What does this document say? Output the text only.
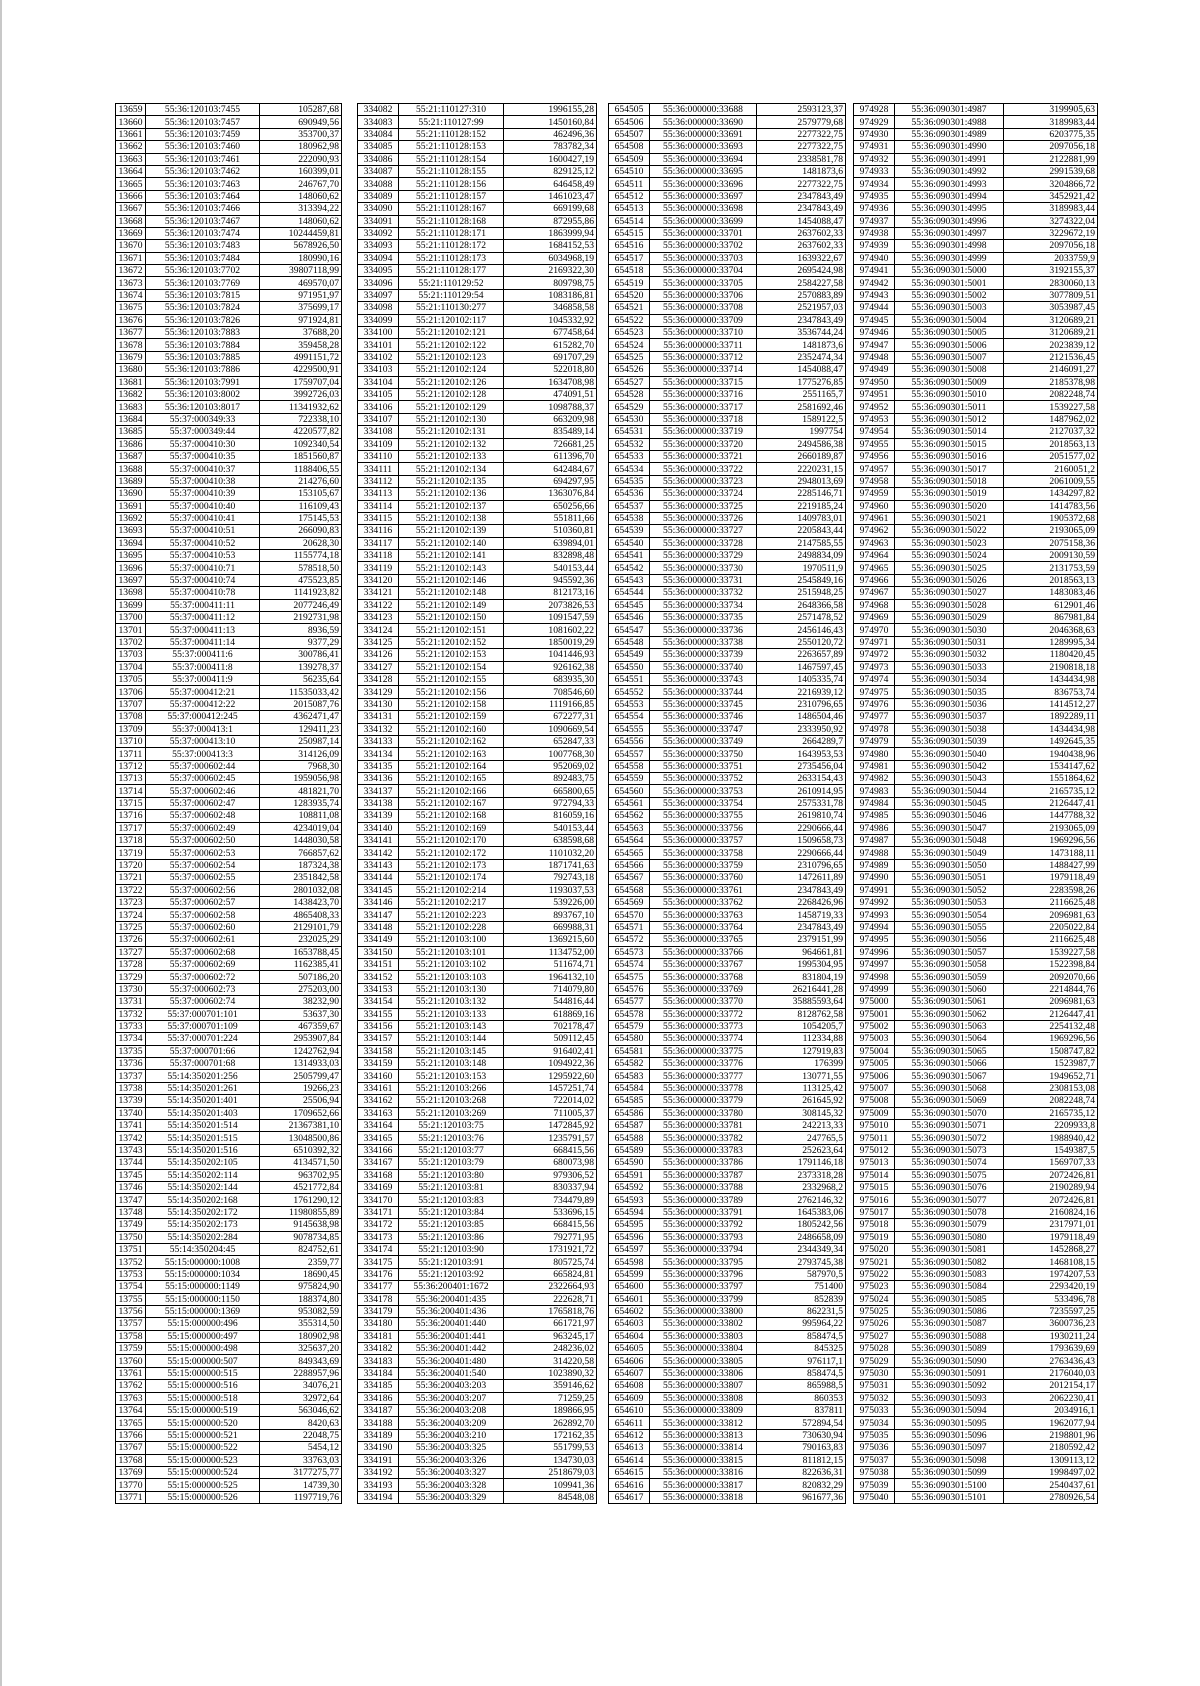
13659	55:36:120103:7455	105287,68
13660	55:36:120103:7457	690949,56
13661	55:36:120103:7459	353700,37
13662	55:36:120103:7460	180962,98
13663	55:36:120103:7461	222090,93
13664	55:36:120103:7462	160399,01
13665	55:36:120103:7463	246767,70
13666	55:36:120103:7464	148060,62
13667	55:36:120103:7466	313394,22
13668	55:36:120103:7467	148060,62
13669	55:36:120103:7474	10244459,81
13670	55:36:120103:7483	5678926,50
13671	55:36:120103:7484	180990,16
13672	55:36:120103:7702	39807118,99
13673	55:36:120103:7769	469570,07
13674	55:36:120103:7815	971951,97
13675	55:36:120103:7824	375699,17
13676	55:36:120103:7826	971924,81
13677	55:36:120103:7883	37688,20
13678	55:36:120103:7884	359458,28
13679	55:36:120103:7885	4991151,72
13680	55:36:120103:7886	4229500,91
13681	55:36:120103:7991	1759707,04
13682	55:36:120103:8002	3992726,03
13683	55:36:120103:8017	11341932,62
13684	55:37:000349:33	722338,10
13685	55:37:000349:44	4220577,82
13686	55:37:000410:30	1092340,54
13687	55:37:000410:35	1851560,87
13688	55:37:000410:37	1188406,55
13689	55:37:000410:38	214276,60
13690	55:37:000410:39	153105,67
13691	55:37:000410:40	116109,43
13692	55:37:000410:41	175145,53
13693	55:37:000410:51	266090,83
13694	55:37:000410:52	20628,30
13695	55:37:000410:53	1155774,18
13696	55:37:000410:71	578518,50
13697	55:37:000410:74	475523,85
13698	55:37:000410:78	1141923,82
13699	55:37:000411:11	2077246,49
13700	55:37:000411:12	2192731,98
13701	55:37:000411:13	8936,59
13702	55:37:000411:14	9377,29
13703	55:37:000411:6	300786,41
13704	55:37:000411:8	139278,37
13705	55:37:000411:9	56235,64
13706	55:37:000412:21	11535033,42
13707	55:37:000412:22	2015087,76
13708	55:37:000412:245	4362471,47
13709	55:37:000413:1	129411,23
13710	55:37:000413:10	250987,14
13711	55:37:000413:3	314126,09
13712	55:37:000602:44	7968,30
13713	55:37:000602:45	1959056,98
13714	55:37:000602:46	481821,70
13715	55:37:000602:47	1283935,74
13716	55:37:000602:48	108811,08
13717	55:37:000602:49	4234019,04
13718	55:37:000602:50	1448030,58
13719	55:37:000602:53	766857,62
13720	55:37:000602:54	187324,38
13721	55:37:000602:55	2351842,58
13722	55:37:000602:56	2801032,08
13723	55:37:000602:57	1438423,70
13724	55:37:000602:58	4865408,33
13725	55:37:000602:60	2129101,79
13726	55:37:000602:61	232025,29
13727	55:37:000602:68	1653788,45
13728	55:37:000602:69	1162385,41
13729	55:37:000602:72	507186,20
13730	55:37:000602:73	275203,00
13731	55:37:000602:74	38232,90
13732	55:37:000701:101	53637,30
13733	55:37:000701:109	467359,67
13734	55:37:000701:224	2953907,84
13735	55:37:000701:66	1242762,94
13736	55:37:000701:68	1314933,03
13737	55:14:350201:256	2505799,47
13738	55:14:350201:261	19266,23
13739	55:14:350201:401	25506,94
13740	55:14:350201:403	1709652,66
13741	55:14:350201:514	21367381,10
13742	55:14:350201:515	13048500,86
13743	55:14:350201:516	6510392,32
13744	55:14:350202:105	4134571,50
13745	55:14:350202:114	963702,95
13746	55:14:350202:144	4521772,84
13747	55:14:350202:168	1761290,12
13748	55:14:350202:172	11980855,89
13749	55:14:350202:173	9145638,98
13750	55:14:350202:284	9078734,85
13751	55:14:350204:45	824752,61
13752	55:15:000000:1008	2359,77
13753	55:15:000000:1034	18690,45
13754	55:15:000000:1149	975824,90
13755	55:15:000000:1150	188374,80
13756	55:15:000000:1369	953082,59
13757	55:15:000000:496	355314,50
13758	55:15:000000:497	180902,98
13759	55:15:000000:498	325637,20
13760	55:15:000000:507	849343,69
13761	55:15:000000:515	2288957,96
13762	55:15:000000:516	34076,21
13763	55:15:000000:518	32972,64
13764	55:15:000000:519	563046,62
13765	55:15:000000:520	8420,63
13766	55:15:000000:521	22048,75
13767	55:15:000000:522	5454,12
13768	55:15:000000:523	33763,03
13769	55:15:000000:524	3177275,77
13770	55:15:000000:525	14739,30
13771	55:15:000000:526	1197719,76
334082	55:21:110127:310	1996155,28
334083	55:21:110127:99	1450160,84
334084	55:21:110128:152	462496,36
334085	55:21:110128:153	783782,34
334086	55:21:110128:154	1600427,19
334087	55:21:110128:155	829125,12
334088	55:21:110128:156	646458,49
334089	55:21:110128:157	1461023,47
334090	55:21:110128:167	669199,68
334091	55:21:110128:168	872955,86
334092	55:21:110128:171	1863999,94
334093	55:21:110128:172	1684152,53
334094	55:21:110128:173	6034968,19
334095	55:21:110128:177	2169322,30
334096	55:21:110129:52	809798,75
334097	55:21:110129:54	1083186,81
334098	55:21:110130:277	346858,58
334099	55:21:120102:117	1045332,92
334100	55:21:120102:121	677458,64
334101	55:21:120102:122	615282,70
334102	55:21:120102:123	691707,29
334103	55:21:120102:124	522018,80
334104	55:21:120102:126	1634708,98
334105	55:21:120102:128	474091,51
334106	55:21:120102:129	1098788,37
334107	55:21:120102:130	663209,98
334108	55:21:120102:131	835489,14
334109	55:21:120102:132	726681,25
334110	55:21:120102:133	611396,70
334111	55:21:120102:134	642484,67
334112	55:21:120102:135	694297,95
334113	55:21:120102:136	1363076,84
334114	55:21:120102:137	650256,66
334115	55:21:120102:138	551811,66
334116	55:21:120102:139	510360,81
334117	55:21:120102:140	639894,01
334118	55:21:120102:141	832898,48
334119	55:21:120102:143	540153,44
334120	55:21:120102:146	945592,36
334121	55:21:120102:148	812173,16
334122	55:21:120102:149	2073826,53
334123	55:21:120102:150	1091547,59
334124	55:21:120102:151	1081602,22
334125	55:21:120102:152	1850019,29
334126	55:21:120102:153	1041446,93
334127	55:21:120102:154	926162,38
334128	55:21:120102:155	683935,30
334129	55:21:120102:156	708546,60
334130	55:21:120102:158	1119166,85
334131	55:21:120102:159	672277,31
334132	55:21:120102:160	1090669,54
334133	55:21:120102:162	652847,33
334134	55:21:120102:163	1007768,30
334135	55:21:120102:164	952069,02
334136	55:21:120102:165	892483,75
334137	55:21:120102:166	665800,65
334138	55:21:120102:167	972794,33
334139	55:21:120102:168	816059,16
334140	55:21:120102:169	540153,44
334141	55:21:120102:170	638598,68
334142	55:21:120102:172	1101032,20
334143	55:21:120102:173	1871741,63
334144	55:21:120102:174	792743,18
334145	55:21:120102:214	1193037,53
334146	55:21:120102:217	539226,00
334147	55:21:120102:223	893767,10
334148	55:21:120102:228	669988,31
334149	55:21:120103:100	1369215,60
334150	55:21:120103:101	1134752,00
334151	55:21:120103:102	511674,71
334152	55:21:120103:103	1964132,10
334153	55:21:120103:130	714079,80
334154	55:21:120103:132	544816,44
334155	55:21:120103:133	618869,16
334156	55:21:120103:143	702178,47
334157	55:21:120103:144	509112,45
334158	55:21:120103:145	916402,41
334159	55:21:120103:148	1094922,36
334160	55:21:120103:153	1295922,60
334161	55:21:120103:266	1457251,74
334162	55:21:120103:268	722014,02
334163	55:21:120103:269	711005,37
334164	55:21:120103:75	1472845,92
334165	55:21:120103:76	1235791,57
334166	55:21:120103:77	668415,56
334167	55:21:120103:79	680073,98
334168	55:21:120103:80	979306,52
334169	55:21:120103:81	830337,94
334170	55:21:120103:83	734479,89
334171	55:21:120103:84	533696,15
334172	55:21:120103:85	668415,56
334173	55:21:120103:86	792771,95
334174	55:21:120103:90	1731921,72
334175	55:21:120103:91	805725,74
334176	55:21:120103:92	665824,81
334177	55:36:200401:1672	2322664,93
334178	55:36:200401:435	222628,71
334179	55:36:200401:436	1765818,76
334180	55:36:200401:440	661721,97
334181	55:36:200401:441	963245,17
334182	55:36:200401:442	248236,02
334183	55:36:200401:480	314220,58
334184	55:36:200401:540	1023890,32
334185	55:36:200403:203	359146,62
334186	55:36:200403:207	71259,25
334187	55:36:200403:208	189866,95
334188	55:36:200403:209	262892,70
334189	55:36:200403:210	172162,35
334190	55:36:200403:325	551799,53
334191	55:36:200403:326	134730,03
334192	55:36:200403:327	2518679,03
334193	55:36:200403:328	109941,36
334194	55:36:200403:329	84548,08
654505	55:36:000000:33688	2593123,37
654506	55:36:000000:33690	2579779,68
654507	55:36:000000:33691	2277322,75
654508	55:36:000000:33693	2277322,75
654509	55:36:000000:33694	2338581,78
654510	55:36:000000:33695	1481873,6
654511	55:36:000000:33696	2277322,75
654512	55:36:000000:33697	2347843,49
654513	55:36:000000:33698	2347843,49
654514	55:36:000000:33699	1454088,47
654515	55:36:000000:33701	2637602,33
654516	55:36:000000:33702	2637602,33
654517	55:36:000000:33703	1639322,67
654518	55:36:000000:33704	2695424,98
654519	55:36:000000:33705	2584227,58
654520	55:36:000000:33706	2570883,89
654521	55:36:000000:33708	2521957,03
654522	55:36:000000:33709	2347843,49
654523	55:36:000000:33710	3536744,24
654524	55:36:000000:33711	1481873,6
654525	55:36:000000:33712	2352474,34
654526	55:36:000000:33714	1454088,47
654527	55:36:000000:33715	1775276,85
654528	55:36:000000:33716	2551165,7
654529	55:36:000000:33717	2581692,46
654530	55:36:000000:33718	1589122,5
654531	55:36:000000:33719	1997754
654532	55:36:000000:33720	2494586,38
654533	55:36:000000:33721	2660189,87
654534	55:36:000000:33722	2220231,15
654535	55:36:000000:33723	2948013,69
654536	55:36:000000:33724	2285146,71
654537	55:36:000000:33725	2219185,24
654538	55:36:000000:33726	1409783,01
654539	55:36:000000:33727	2205843,44
654540	55:36:000000:33728	2147585,55
654541	55:36:000000:33729	2498834,09
654542	55:36:000000:33730	1970511,9
654543	55:36:000000:33731	2545849,16
654544	55:36:000000:33732	2515948,25
654545	55:36:000000:33734	2648366,58
654546	55:36:000000:33735	2571478,52
654547	55:36:000000:33736	2456146,43
654548	55:36:000000:33738	2550120,72
654549	55:36:000000:33739	2263657,89
654550	55:36:000000:33740	1467597,45
654551	55:36:000000:33743	1405335,74
654552	55:36:000000:33744	2216939,12
654553	55:36:000000:33745	2310796,65
654554	55:36:000000:33746	1486504,46
654555	55:36:000000:33747	2333950,92
654556	55:36:000000:33749	2664289,7
654557	55:36:000000:33750	1643953,53
654558	55:36:000000:33751	2735456,04
654559	55:36:000000:33752	2633154,43
654560	55:36:000000:33753	2610914,95
654561	55:36:000000:33754	2575331,78
654562	55:36:000000:33755	2619810,74
654563	55:36:000000:33756	2290666,44
654564	55:36:000000:33757	1509658,73
654565	55:36:000000:33758	2290666,44
654566	55:36:000000:33759	2310796,65
654567	55:36:000000:33760	1472611,89
654568	55:36:000000:33761	2347843,49
654569	55:36:000000:33762	2268426,96
654570	55:36:000000:33763	1458719,33
654571	55:36:000000:33764	2347843,49
654572	55:36:000000:33765	2379151,99
654573	55:36:000000:33766	964661,81
654574	55:36:000000:33767	1995304,95
654575	55:36:000000:33768	831804,19
654576	55:36:000000:33769	26216441,28
654577	55:36:000000:33770	35885593,64
654578	55:36:000000:33772	8128762,58
654579	55:36:000000:33773	1054205,7
654580	55:36:000000:33774	112334,88
654581	55:36:000000:33775	127919,83
654582	55:36:000000:33776	176399
654583	55:36:000000:33777	130771,55
654584	55:36:000000:33778	113125,42
654585	55:36:000000:33779	261645,92
654586	55:36:000000:33780	308145,32
654587	55:36:000000:33781	242213,33
654588	55:36:000000:33782	247765,5
654589	55:36:000000:33783	252623,64
654590	55:36:000000:33786	1791146,18
654591	55:36:000000:33787	2373318,28
654592	55:36:000000:33788	2332968,2
654593	55:36:000000:33789	2762146,32
654594	55:36:000000:33791	1645383,06
654595	55:36:000000:33792	1805242,56
654596	55:36:000000:33793	2486658,09
654597	55:36:000000:33794	2344349,34
654598	55:36:000000:33795	2793745,38
654599	55:36:000000:33796	587970,5
654600	55:36:000000:33797	751400
654601	55:36:000000:33799	852839
654602	55:36:000000:33800	862231,5
654603	55:36:000000:33802	995964,22
654604	55:36:000000:33803	858474,5
654605	55:36:000000:33804	845325
654606	55:36:000000:33805	976117,1
654607	55:36:000000:33806	858474,5
654608	55:36:000000:33807	865988,5
654609	55:36:000000:33808	860353
654610	55:36:000000:33809	837811
654611	55:36:000000:33812	572894,54
654612	55:36:000000:33813	730630,94
654613	55:36:000000:33814	790163,83
654614	55:36:000000:33815	811812,15
654615	55:36:000000:33816	822636,31
654616	55:36:000000:33817	820832,29
654617	55:36:000000:33818	961677,36
974928	55:36:090301:4987	3199905,63
974929	55:36:090301:4988	3189983,44
974930	55:36:090301:4989	6203775,35
974931	55:36:090301:4990	2097056,18
974932	55:36:090301:4991	2122881,99
974933	55:36:090301:4992	2991539,68
974934	55:36:090301:4993	3204866,72
974935	55:36:090301:4994	3452921,42
974936	55:36:090301:4995	3189983,44
974937	55:36:090301:4996	3274322,04
974938	55:36:090301:4997	3229672,19
974939	55:36:090301:4998	2097056,18
974940	55:36:090301:4999	2033759,9
974941	55:36:090301:5000	3192155,37
974942	55:36:090301:5001	2830060,13
974943	55:36:090301:5002	3077809,51
974944	55:36:090301:5003	3053987,45
974945	55:36:090301:5004	3120689,21
974946	55:36:090301:5005	3120689,21
974947	55:36:090301:5006	2023839,12
974948	55:36:090301:5007	2121536,45
974949	55:36:090301:5008	2146091,27
974950	55:36:090301:5009	2185378,98
974951	55:36:090301:5010	2082248,74
974952	55:36:090301:5011	1539227,58
974953	55:36:090301:5012	1487962,02
974954	55:36:090301:5014	2127037,32
974955	55:36:090301:5015	2018563,13
974956	55:36:090301:5016	2051577,02
974957	55:36:090301:5017	2160051,2
974958	55:36:090301:5018	2061009,55
974959	55:36:090301:5019	1434297,82
974960	55:36:090301:5020	1414783,56
974961	55:36:090301:5021	1905372,68
974962	55:36:090301:5022	2193065,09
974963	55:36:090301:5023	2075158,36
974964	55:36:090301:5024	2009130,59
974965	55:36:090301:5025	2131753,59
974966	55:36:090301:5026	2018563,13
974967	55:36:090301:5027	1483083,46
974968	55:36:090301:5028	612901,46
974969	55:36:090301:5029	867981,84
974970	55:36:090301:5030	2046368,63
974971	55:36:090301:5031	1289995,34
974972	55:36:090301:5032	1180420,45
974973	55:36:090301:5033	2190818,18
974974	55:36:090301:5034	1434434,98
974975	55:36:090301:5035	836753,74
974976	55:36:090301:5036	1414512,27
974977	55:36:090301:5037	1892289,11
974978	55:36:090301:5038	1434434,98
974979	55:36:090301:5039	1492645,35
974980	55:36:090301:5040	1940438,96
974981	55:36:090301:5042	1534147,62
974982	55:36:090301:5043	1551864,62
974983	55:36:090301:5044	2165735,12
974984	55:36:090301:5045	2126447,41
974985	55:36:090301:5046	1447788,32
974986	55:36:090301:5047	2193065,09
974987	55:36:090301:5048	1969296,56
974988	55:36:090301:5049	1473188,11
974989	55:36:090301:5050	1488427,99
974990	55:36:090301:5051	1979118,49
974991	55:36:090301:5052	2283598,26
974992	55:36:090301:5053	2116625,48
974993	55:36:090301:5054	2096981,63
974994	55:36:090301:5055	2205022,84
974995	55:36:090301:5056	2116625,48
974996	55:36:090301:5057	1539227,58
974997	55:36:090301:5058	1522398,84
974998	55:36:090301:5059	2092070,66
974999	55:36:090301:5060	2214844,76
975000	55:36:090301:5061	2096981,63
975001	55:36:090301:5062	2126447,41
975002	55:36:090301:5063	2254132,48
975003	55:36:090301:5064	1969296,56
975004	55:36:090301:5065	1508747,82
975005	55:36:090301:5066	1523987,7
975006	55:36:090301:5067	1949652,71
975007	55:36:090301:5068	2308153,08
975008	55:36:090301:5069	2082248,74
975009	55:36:090301:5070	2165735,12
975010	55:36:090301:5071	2209933,8
975011	55:36:090301:5072	1988940,42
975012	55:36:090301:5073	1549387,5
975013	55:36:090301:5074	1569707,33
975014	55:36:090301:5075	2072426,81
975015	55:36:090301:5076	2190289,94
975016	55:36:090301:5077	2072426,81
975017	55:36:090301:5078	2160824,16
975018	55:36:090301:5079	2317971,01
975019	55:36:090301:5080	1979118,49
975020	55:36:090301:5081	1452868,27
975021	55:36:090301:5082	1468108,15
975022	55:36:090301:5083	1974207,53
975023	55:36:090301:5084	2293420,19
975024	55:36:090301:5085	533496,78
975025	55:36:090301:5086	7235597,25
975026	55:36:090301:5087	3600736,23
975027	55:36:090301:5088	1930211,24
975028	55:36:090301:5089	1793639,69
975029	55:36:090301:5090	2763436,43
975030	55:36:090301:5091	2176040,03
975031	55:36:090301:5092	2012154,17
975032	55:36:090301:5093	2062230,41
975033	55:36:090301:5094	2034916,1
975034	55:36:090301:5095	1962077,94
975035	55:36:090301:5096	2198801,96
975036	55:36:090301:5097	2180592,42
975037	55:36:090301:5098	1309113,12
975038	55:36:090301:5099	1998497,02
975039	55:36:090301:5100	2540437,61
975040	55:36:090301:5101	2780926,54
